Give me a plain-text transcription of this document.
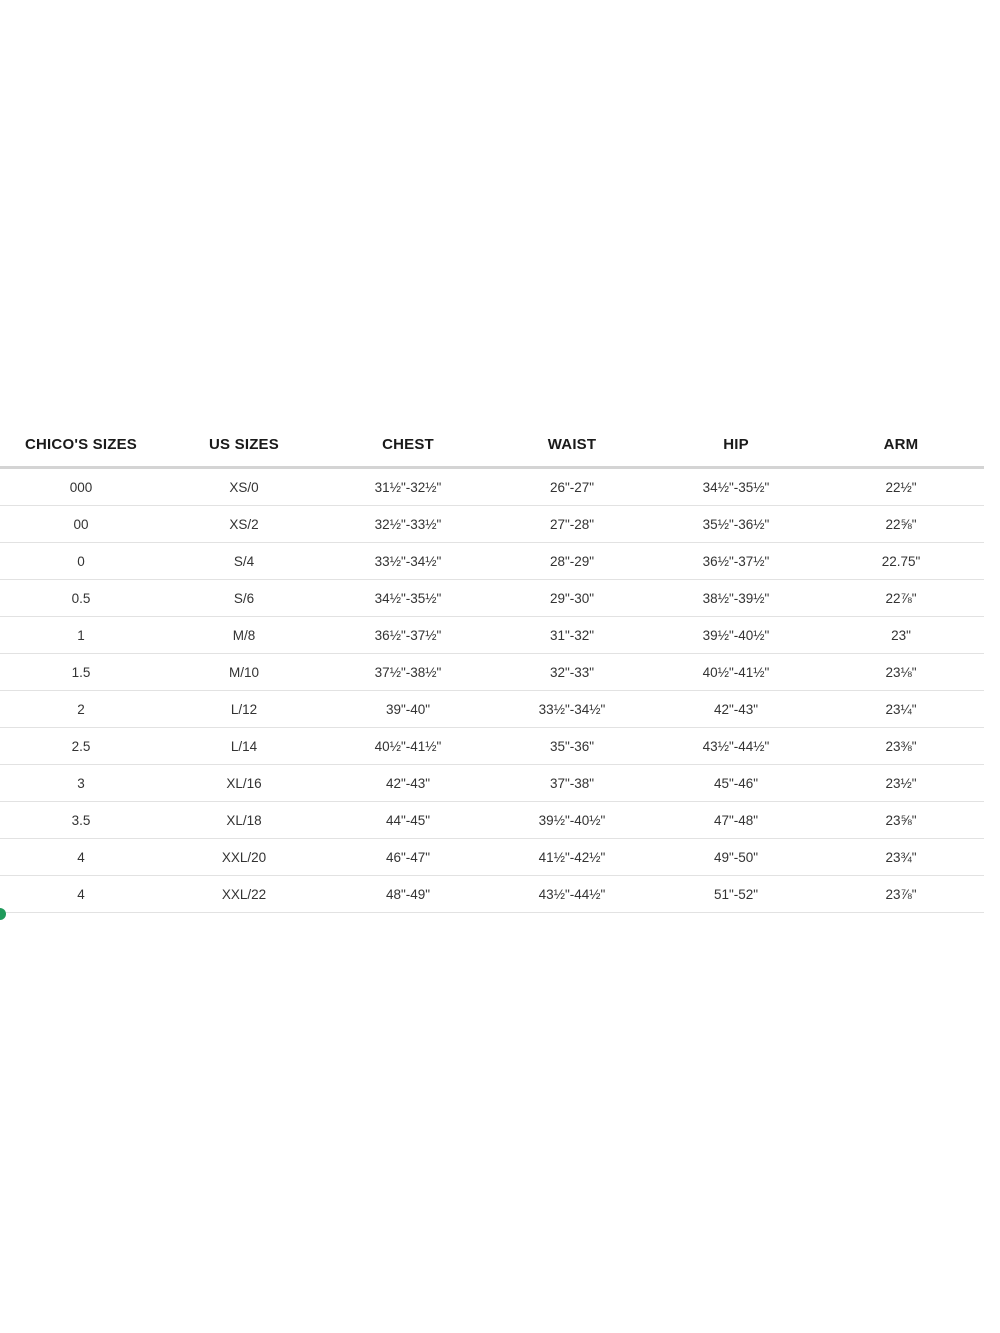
CHICO'S SIZES	US SIZES	CHEST	WAIST	HIP	ARM
000	XS/0	31½"-32½"	26"-27"	34½"-35½"	22½"
00	XS/2	32½"-33½"	27"-28"	35½"-36½"	22⅝"
0	S/4	33½"-34½"	28"-29"	36½"-37½"	22.75"
0.5	S/6	34½"-35½"	29"-30"	38½"-39½"	22⅞"
1	M/8	36½"-37½"	31"-32"	39½"-40½"	23"
1.5	M/10	37½"-38½"	32"-33"	40½"-41½"	23⅛"
2	L/12	39"-40"	33½"-34½"	42"-43"	23¼"
2.5	L/14	40½"-41½"	35"-36"	43½"-44½"	23⅜"
3	XL/16	42"-43"	37"-38"	45"-46"	23½"
3.5	XL/18	44"-45"	39½"-40½"	47"-48"	23⅝"
4	XXL/20	46"-47"	41½"-42½"	49"-50"	23¾"
4	XXL/22	48"-49"	43½"-44½"	51"-52"	23⅞"
